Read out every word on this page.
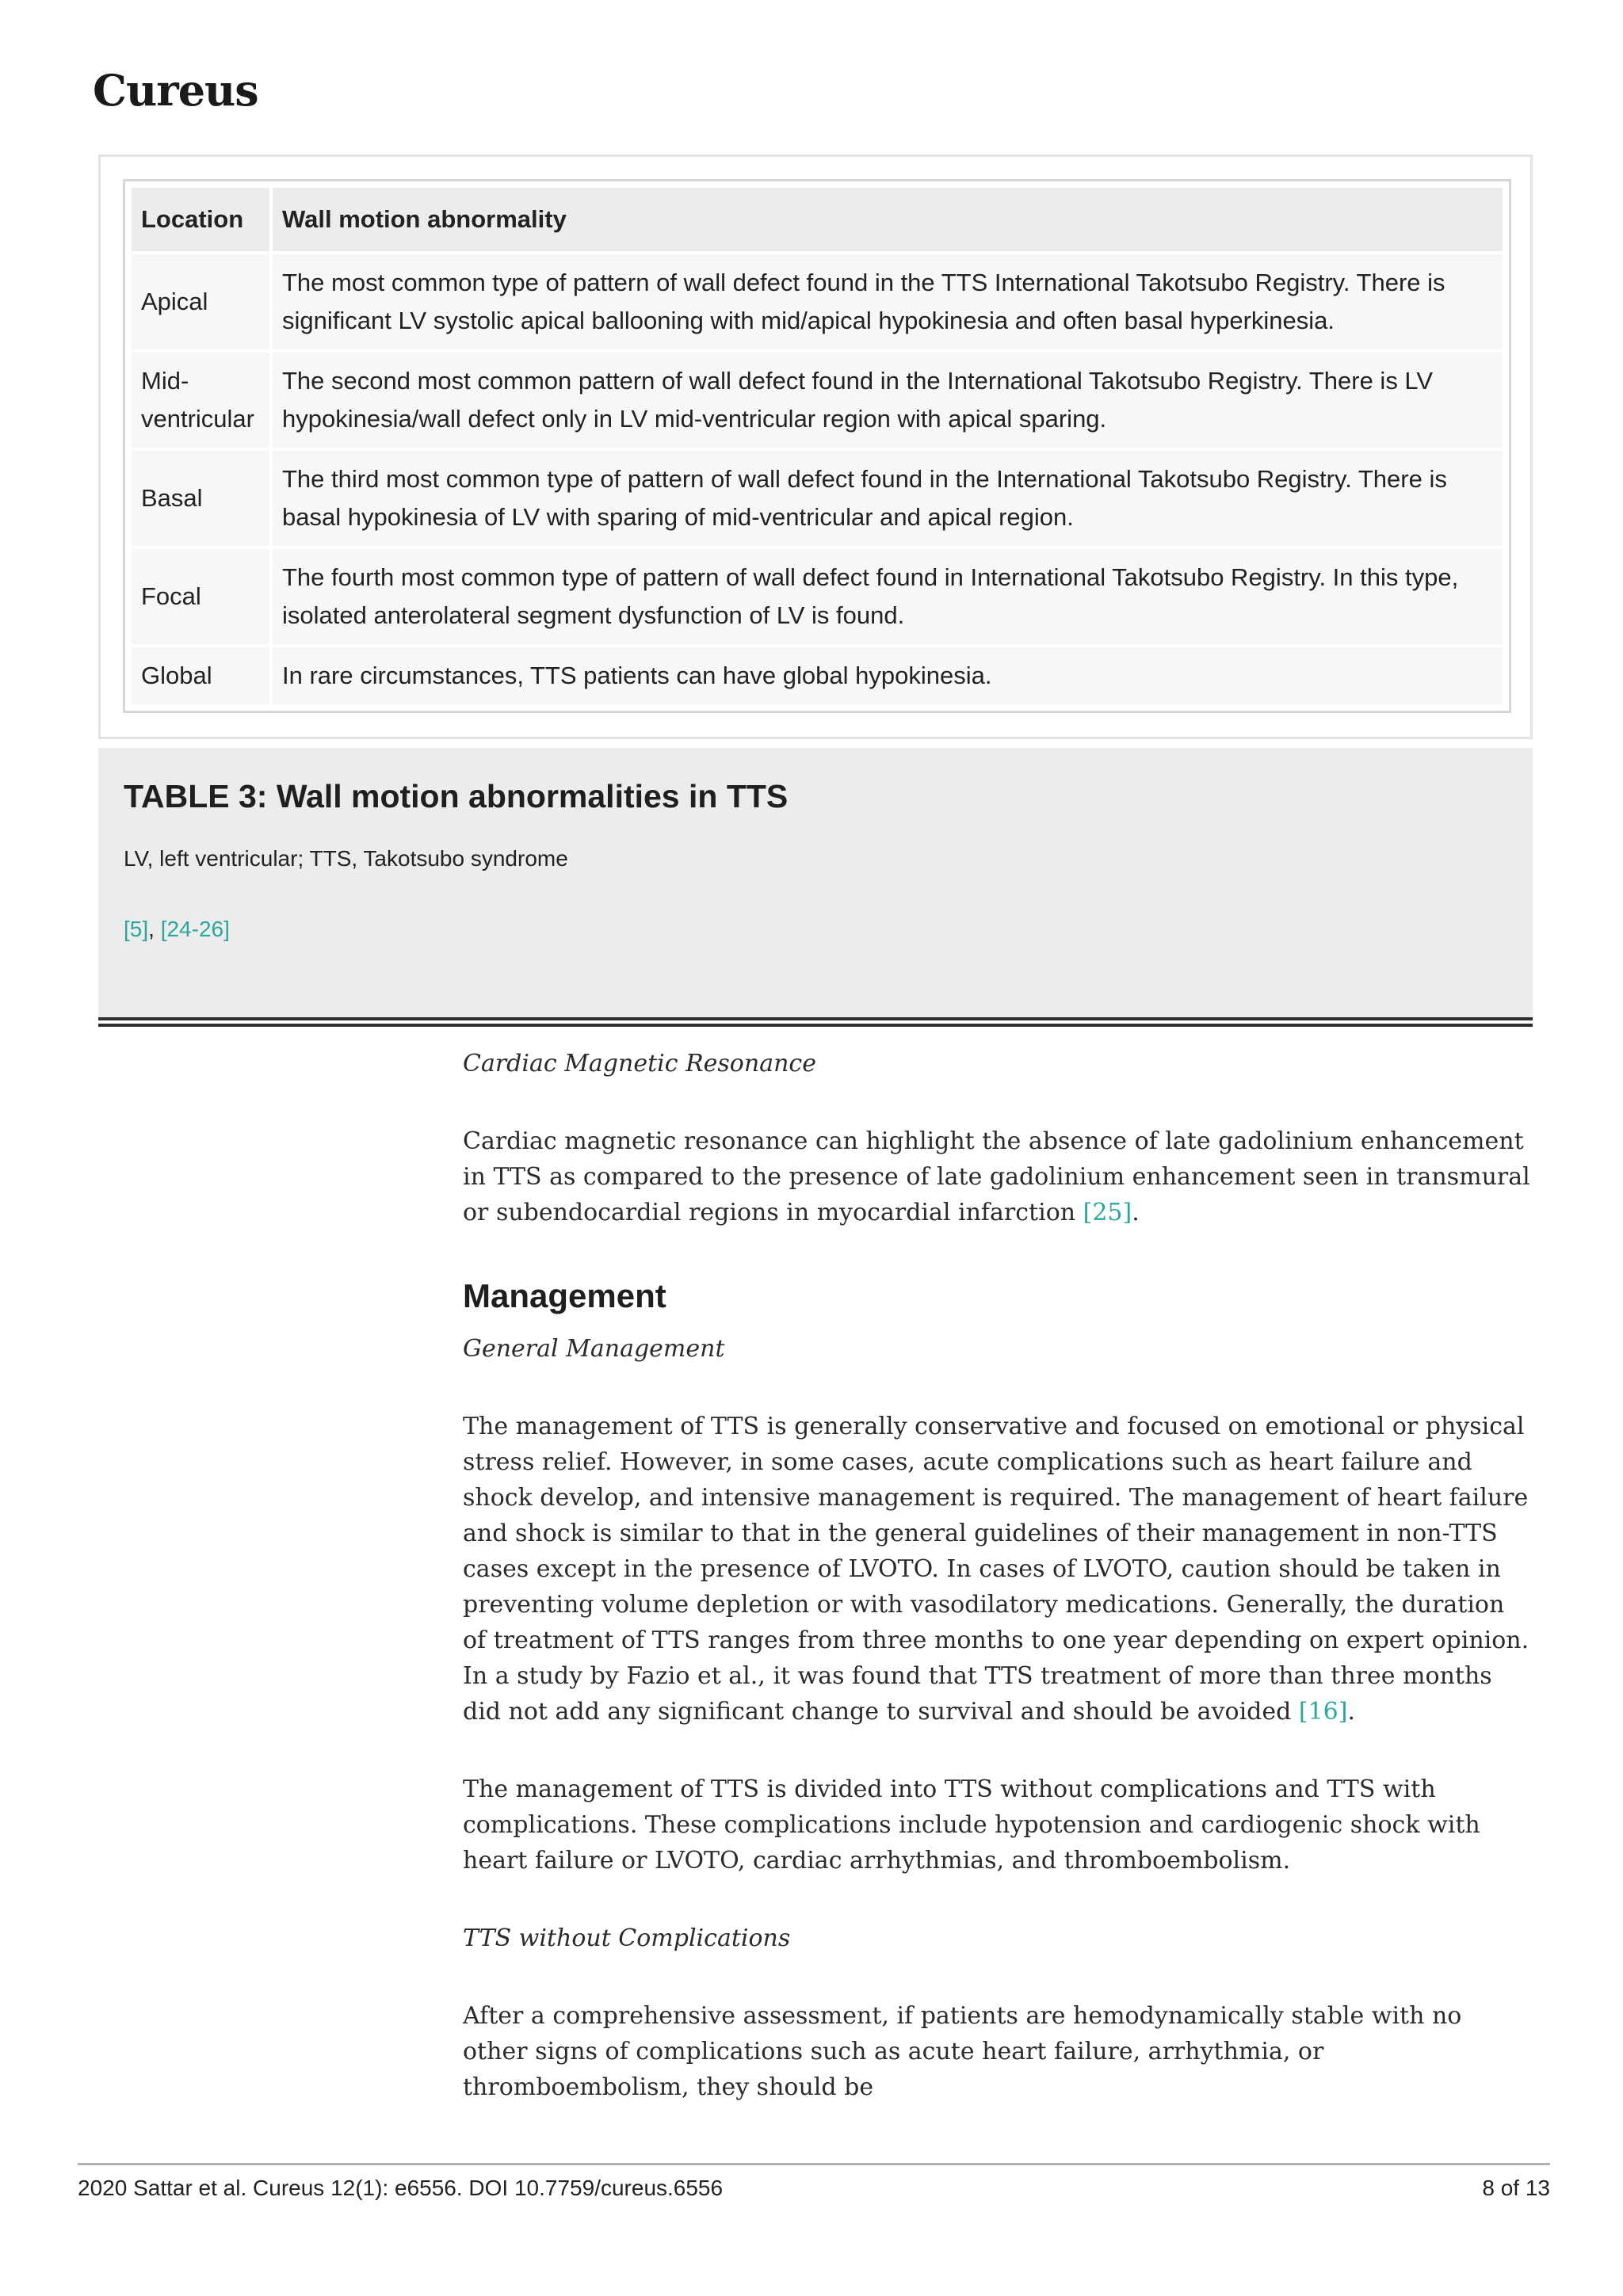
Cureus
Location	Wall motion abnormality
Apical	The most common type of pattern of wall defect found in the TTS International Takotsubo Registry. There is significant LV systolic apical ballooning with mid/apical hypokinesia and often basal hyperkinesia.
Mid-ventricular	The second most common pattern of wall defect found in the International Takotsubo Registry. There is LV hypokinesia/wall defect only in LV mid-ventricular region with apical sparing.
Basal	The third most common type of pattern of wall defect found in the International Takotsubo Registry. There is basal hypokinesia of LV with sparing of mid-ventricular and apical region.
Focal	The fourth most common type of pattern of wall defect found in International Takotsubo Registry. In this type, isolated anterolateral segment dysfunction of LV is found.
Global	In rare circumstances, TTS patients can have global hypokinesia.
TABLE 3: Wall motion abnormalities in TTS
LV, left ventricular; TTS, Takotsubo syndrome
[5], [24-26]

Cardiac Magnetic Resonance

Cardiac magnetic resonance can highlight the absence of late gadolinium enhancement in TTS as compared to the presence of late gadolinium enhancement seen in transmural or subendocardial regions in myocardial infarction [25].

Management

General Management

The management of TTS is generally conservative and focused on emotional or physical stress relief. However, in some cases, acute complications such as heart failure and shock develop, and intensive management is required. The management of heart failure and shock is similar to that in the general guidelines of their management in non-TTS cases except in the presence of LVOTO. In cases of LVOTO, caution should be taken in preventing volume depletion or with vasodilatory medications. Generally, the duration of treatment of TTS ranges from three months to one year depending on expert opinion. In a study by Fazio et al., it was found that TTS treatment of more than three months did not add any significant change to survival and should be avoided [16].

The management of TTS is divided into TTS without complications and TTS with complications. These complications include hypotension and cardiogenic shock with heart failure or LVOTO, cardiac arrhythmias, and thromboembolism.

TTS without Complications

After a comprehensive assessment, if patients are hemodynamically stable with no other signs of complications such as acute heart failure, arrhythmia, or thromboembolism, they should be

2020 Sattar et al. Cureus 12(1): e6556. DOI 10.7759/cureus.6556	8 of 13
